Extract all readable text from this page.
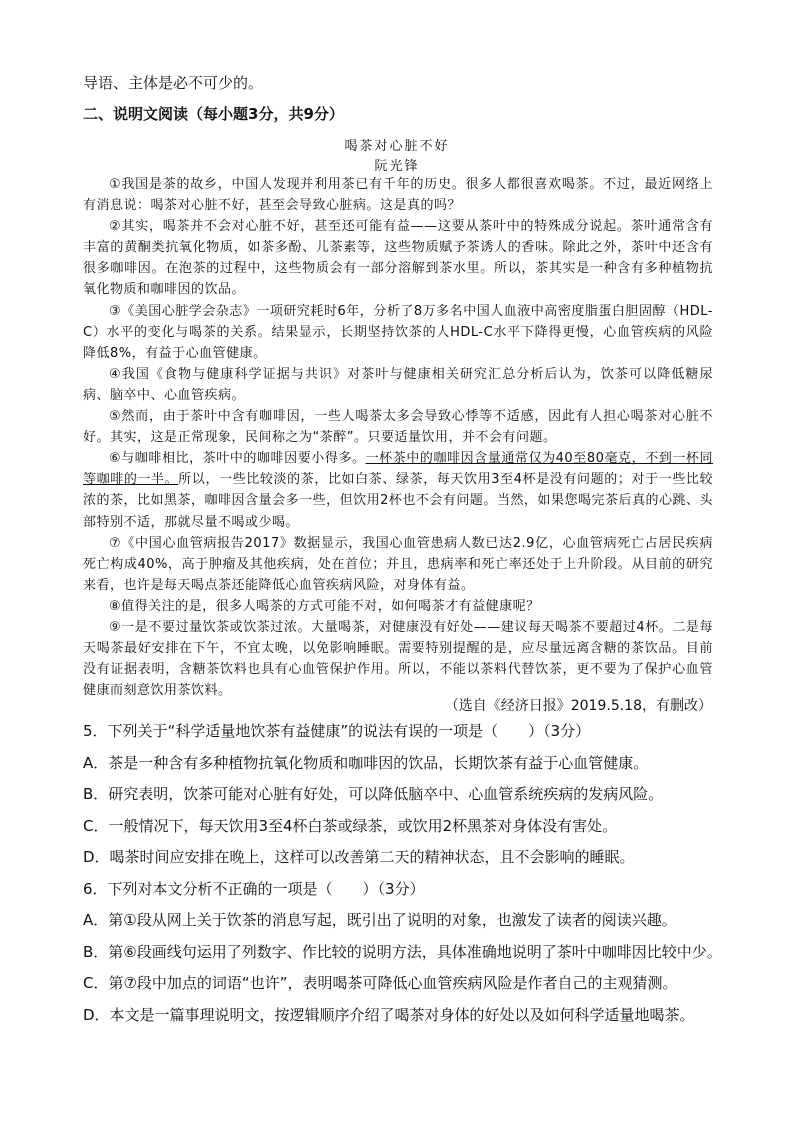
导语、主体是必不可少的。
二、说明文阅读（每小题3分，共9分）
喝茶对心脏不好
阮光锋

①我国是茶的故乡，中国人发现并利用茶已有千年的历史。很多人都很喜欢喝茶。不过，最近网络上有消息说：喝茶对心脏不好，甚至会导致心脏病。这是真的吗？

②其实，喝茶并不会对心脏不好，甚至还可能有益——这要从茶叶中的特殊成分说起。茶叶通常含有丰富的黄酮类抗氧化物质，如茶多酚、儿茶素等，这些物质赋予茶诱人的香味。除此之外，茶叶中还含有很多咖啡因。在泡茶的过程中，这些物质会有一部分溶解到茶水里。所以，茶其实是一种含有多种植物抗氧化物质和咖啡因的饮品。

③《美国心脏学会杂志》一项研究耗时6年，分析了8万多名中国人血液中高密度脂蛋白胆固醇（HDL-C）水平的变化与喝茶的关系。结果显示，长期坚持饮茶的人HDL-C水平下降得更慢，心血管疾病的风险降低8%，有益于心血管健康。

④我国《食物与健康科学证据与共识》对茶叶与健康相关研究汇总分析后认为，饮茶可以降低糖尿病、脑卒中、心血管疾病。

⑤然而，由于茶叶中含有咖啡因，一些人喝茶太多会导致心悸等不适感，因此有人担心喝茶对心脏不好。其实，这是正常现象，民间称之为“茶醉”。只要适量饮用，并不会有问题。

⑥与咖啡相比，茶叶中的咖啡因要小得多。一杯茶中的咖啡因含量通常仅为40至80毫克，不到一杯同等咖啡的一半。所以，一些比较淡的茶，比如白茶、绿茶，每天饮用3至4杯是没有问题的；对于一些比较浓的茶，比如黑茶，咖啡因含量会多一些，但饮用2杯也不会有问题。当然，如果您喝完茶后真的心跳、头部特别不适，那就尽量不喝或少喝。

⑦《中国心血管病报告2017》数据显示，我国心血管患病人数已达2.9亿，心血管病死亡占居民疾病死亡构成40%，高于肿瘤及其他疾病，处在首位；并且，患病率和死亡率还处于上升阶段。从目前的研究来看，也许是每天喝点茶还能降低心血管疾病风险，对身体有益。

⑧值得关注的是，很多人喝茶的方式可能不对，如何喝茶才有益健康呢？

⑨一是不要过量饮茶或饮茶过浓。大量喝茶，对健康没有好处——建议每天喝茶不要超过4杯。二是每天喝茶最好安排在下午，不宜太晚，以免影响睡眠。需要特别提醒的是，应尽量远离含糖的茶饮品。目前没有证据表明，含糖茶饮料也具有心血管保护作用。所以，不能以茶料代替饮茶，更不要为了保护心血管健康而刻意饮用茶饮料。

（选自《经济日报》2019.5.18，有删改）
5．下列关于“科学适量地饮茶有益健康”的说法有误的一项是（　　）（3分）
A．茶是一种含有多种植物抗氧化物质和咖啡因的饮品，长期饮茶有益于心血管健康。
B．研究表明，饮茶可能对心脏有好处，可以降低脑卒中、心血管系统疾病的发病风险。
C．一般情况下，每天饮用3至4杯白茶或绿茶，或饮用2杯黑茶对身体没有害处。
D．喝茶时间应安排在晚上，这样可以改善第二天的精神状态，且不会影响的睡眠。
6．下列对本文分析不正确的一项是（　　）（3分）
A．第①段从网上关于饮茶的消息写起，既引出了说明的对象，也激发了读者的阅读兴趣。
B．第⑥段画线句运用了列数字、作比较的说明方法，具体准确地说明了茶叶中咖啡因比较中少。
C．第⑦段中加点的词语“也许”，表明喝茶可降低心血管疾病风险是作者自己的主观猜测。
D．本文是一篇事理说明文，按逻辑顺序介绍了喝茶对身体的好处以及如何科学适量地喝茶。
